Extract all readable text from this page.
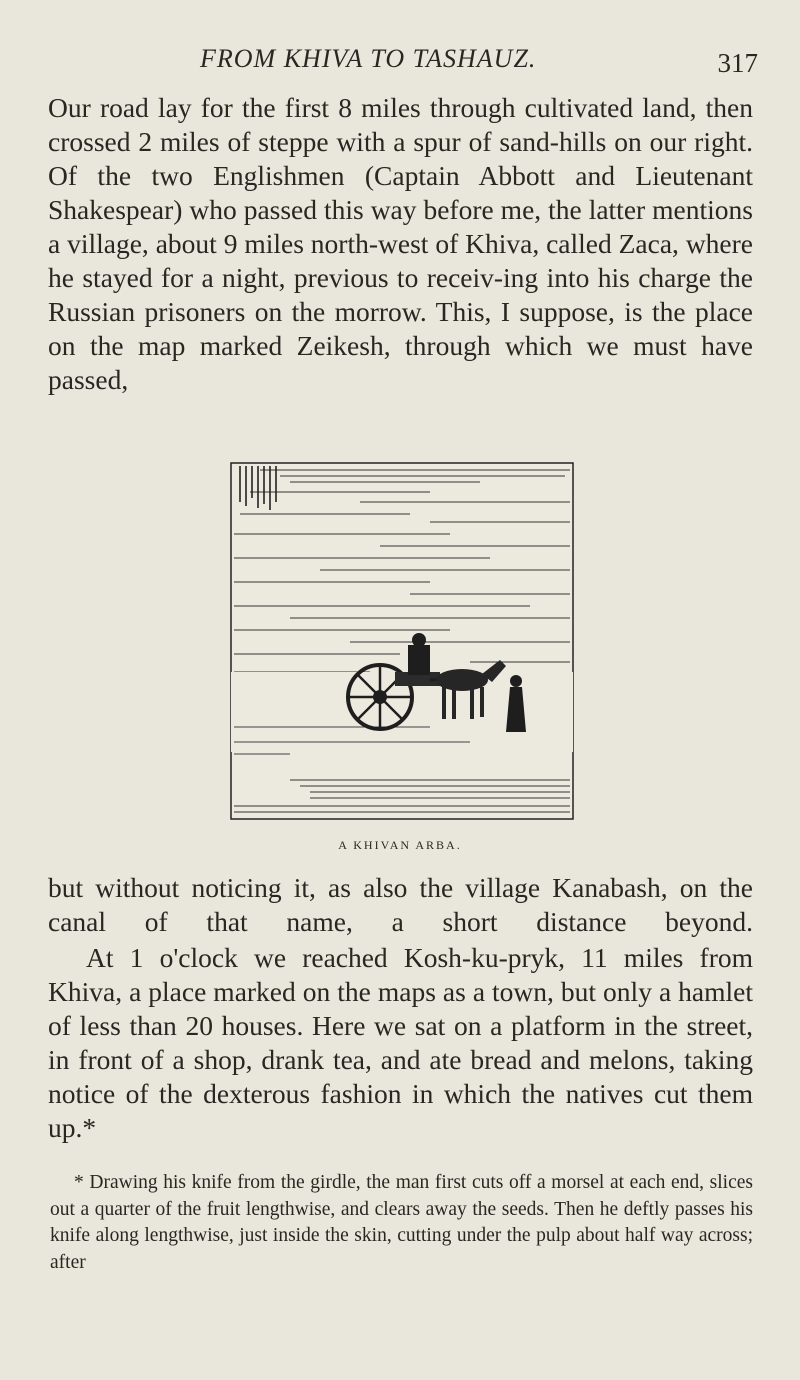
FROM KHIVA TO TASHAUZ.	317

Our road lay for the first 8 miles through cultivated land, then crossed 2 miles of steppe with a spur of sand-hills on our right. Of the two Englishmen (Captain Abbott and Lieutenant Shakespear) who passed this way before me, the latter mentions a village, about 9 miles north-west of Khiva, called Zaca, where he stayed for a night, previous to receiv-ing into his charge the Russian prisoners on the morrow. This, I suppose, is the place on the map marked Zeikesh, through which we must have passed,

A KHIVAN ARBA.

but without noticing it, as also the village Kanabash, on the canal of that name, a short distance beyond.

At 1 o'clock we reached Kosh-ku-pryk, 11 miles from Khiva, a place marked on the maps as a town, but only a hamlet of less than 20 houses. Here we sat on a platform in the street, in front of a shop, drank tea, and ate bread and melons, taking notice of the dexterous fashion in which the natives cut them up.*

* Drawing his knife from the girdle, the man first cuts off a morsel at each end, slices out a quarter of the fruit lengthwise, and clears away the seeds. Then he deftly passes his knife along lengthwise, just inside the skin, cutting under the pulp about half way across; after
